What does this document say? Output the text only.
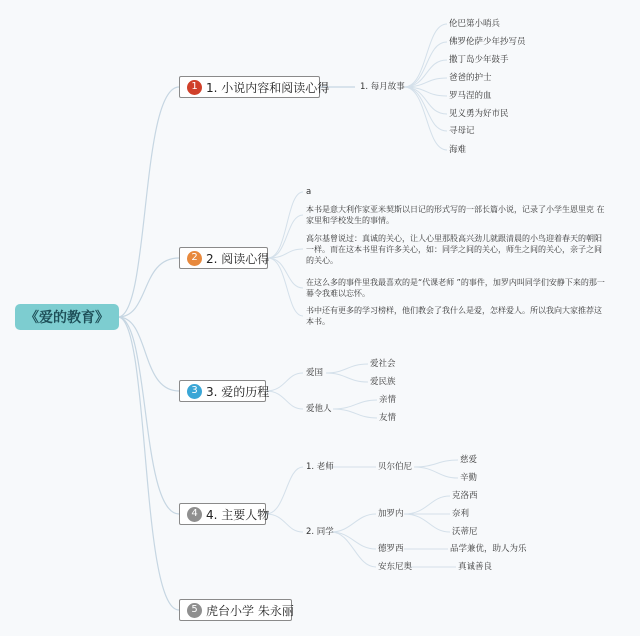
《爱的教育》
1 1. 小说内容和阅读心得
2 2. 阅读心得
3 3. 爱的历程
4 4. 主要人物
5 虎台小学 朱永丽
1. 每月故事
伦巴第小哨兵
佛罗伦萨少年抄写员
撒丁岛少年鼓手
爸爸的护士
罗马涅的血
见义勇为好市民
寻母记
海难
a
本书是意大利作家亚米契斯以日记的形式写的一部长篇小说，记录了小学生恩里克 在家里和学校发生的事情。
高尔基曾说过：真诚的关心，让人心里那股高兴劲儿就跟清晨的小鸟迎着春天的朝阳一样。而在这本书里有许多关心，如：同学之间的关心，师生之间的关心，亲子之间的关心。
在这么多的事件里我最喜欢的是“代课老师 ”的事件，加罗内叫同学们安静下来的那一幕令我难以忘怀。
书中还有更多的学习榜样，他们教会了我什么是爱，怎样爱人。所以我向大家推荐这本书。
爱国
爱社会
爱民族
爱他人
亲情
友情
1. 老师	贝尔伯尼
慈爱
辛勤
2. 同学
加罗内
克洛西
奈利
沃蒂尼
德罗西	品学兼优，助人为乐
安东尼奥	真诚善良
